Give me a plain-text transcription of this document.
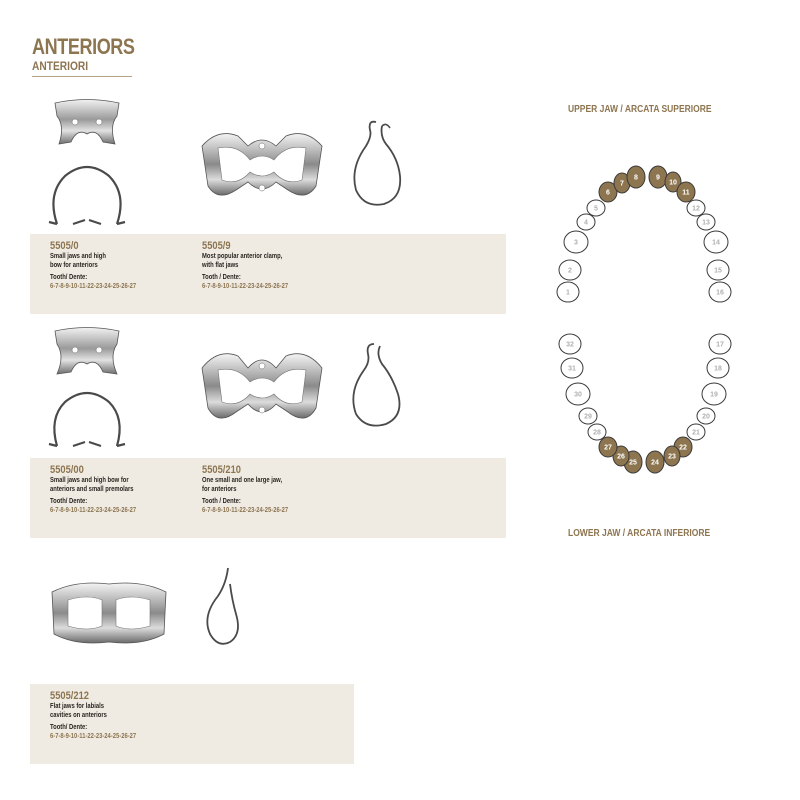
ANTERIORS
ANTERIORI
5505/0
Small jaws and high
bow for anteriors
Tooth/ Dente:
6-7-8-9-10-11-22-23-24-25-26-27
5505/9
Most popular anterior clamp,
with flat jaws
Tooth / Dente:
6-7-8-9-10-11-22-23-24-25-26-27
5505/00
Small jaws and high bow for
anteriors and small premolars
Tooth/ Dente:
6-7-8-9-10-11-22-23-24-25-26-27
5505/210
One small and one large jaw,
for anteriors
Tooth / Dente:
6-7-8-9-10-11-22-23-24-25-26-27
5505/212
Flat jaws for labials
cavities on anteriors
Tooth/ Dente:
6-7-8-9-10-11-22-23-24-25-26-27
UPPER JAW / ARCATA SUPERIORE
LOWER JAW / ARCATA INFERIORE
1
2
3
4
5
6
7
8	9
10
11
12
13
14
15
16
17
18
19
20
21
22
23
24
25
26
27
28
29
30
31
32
